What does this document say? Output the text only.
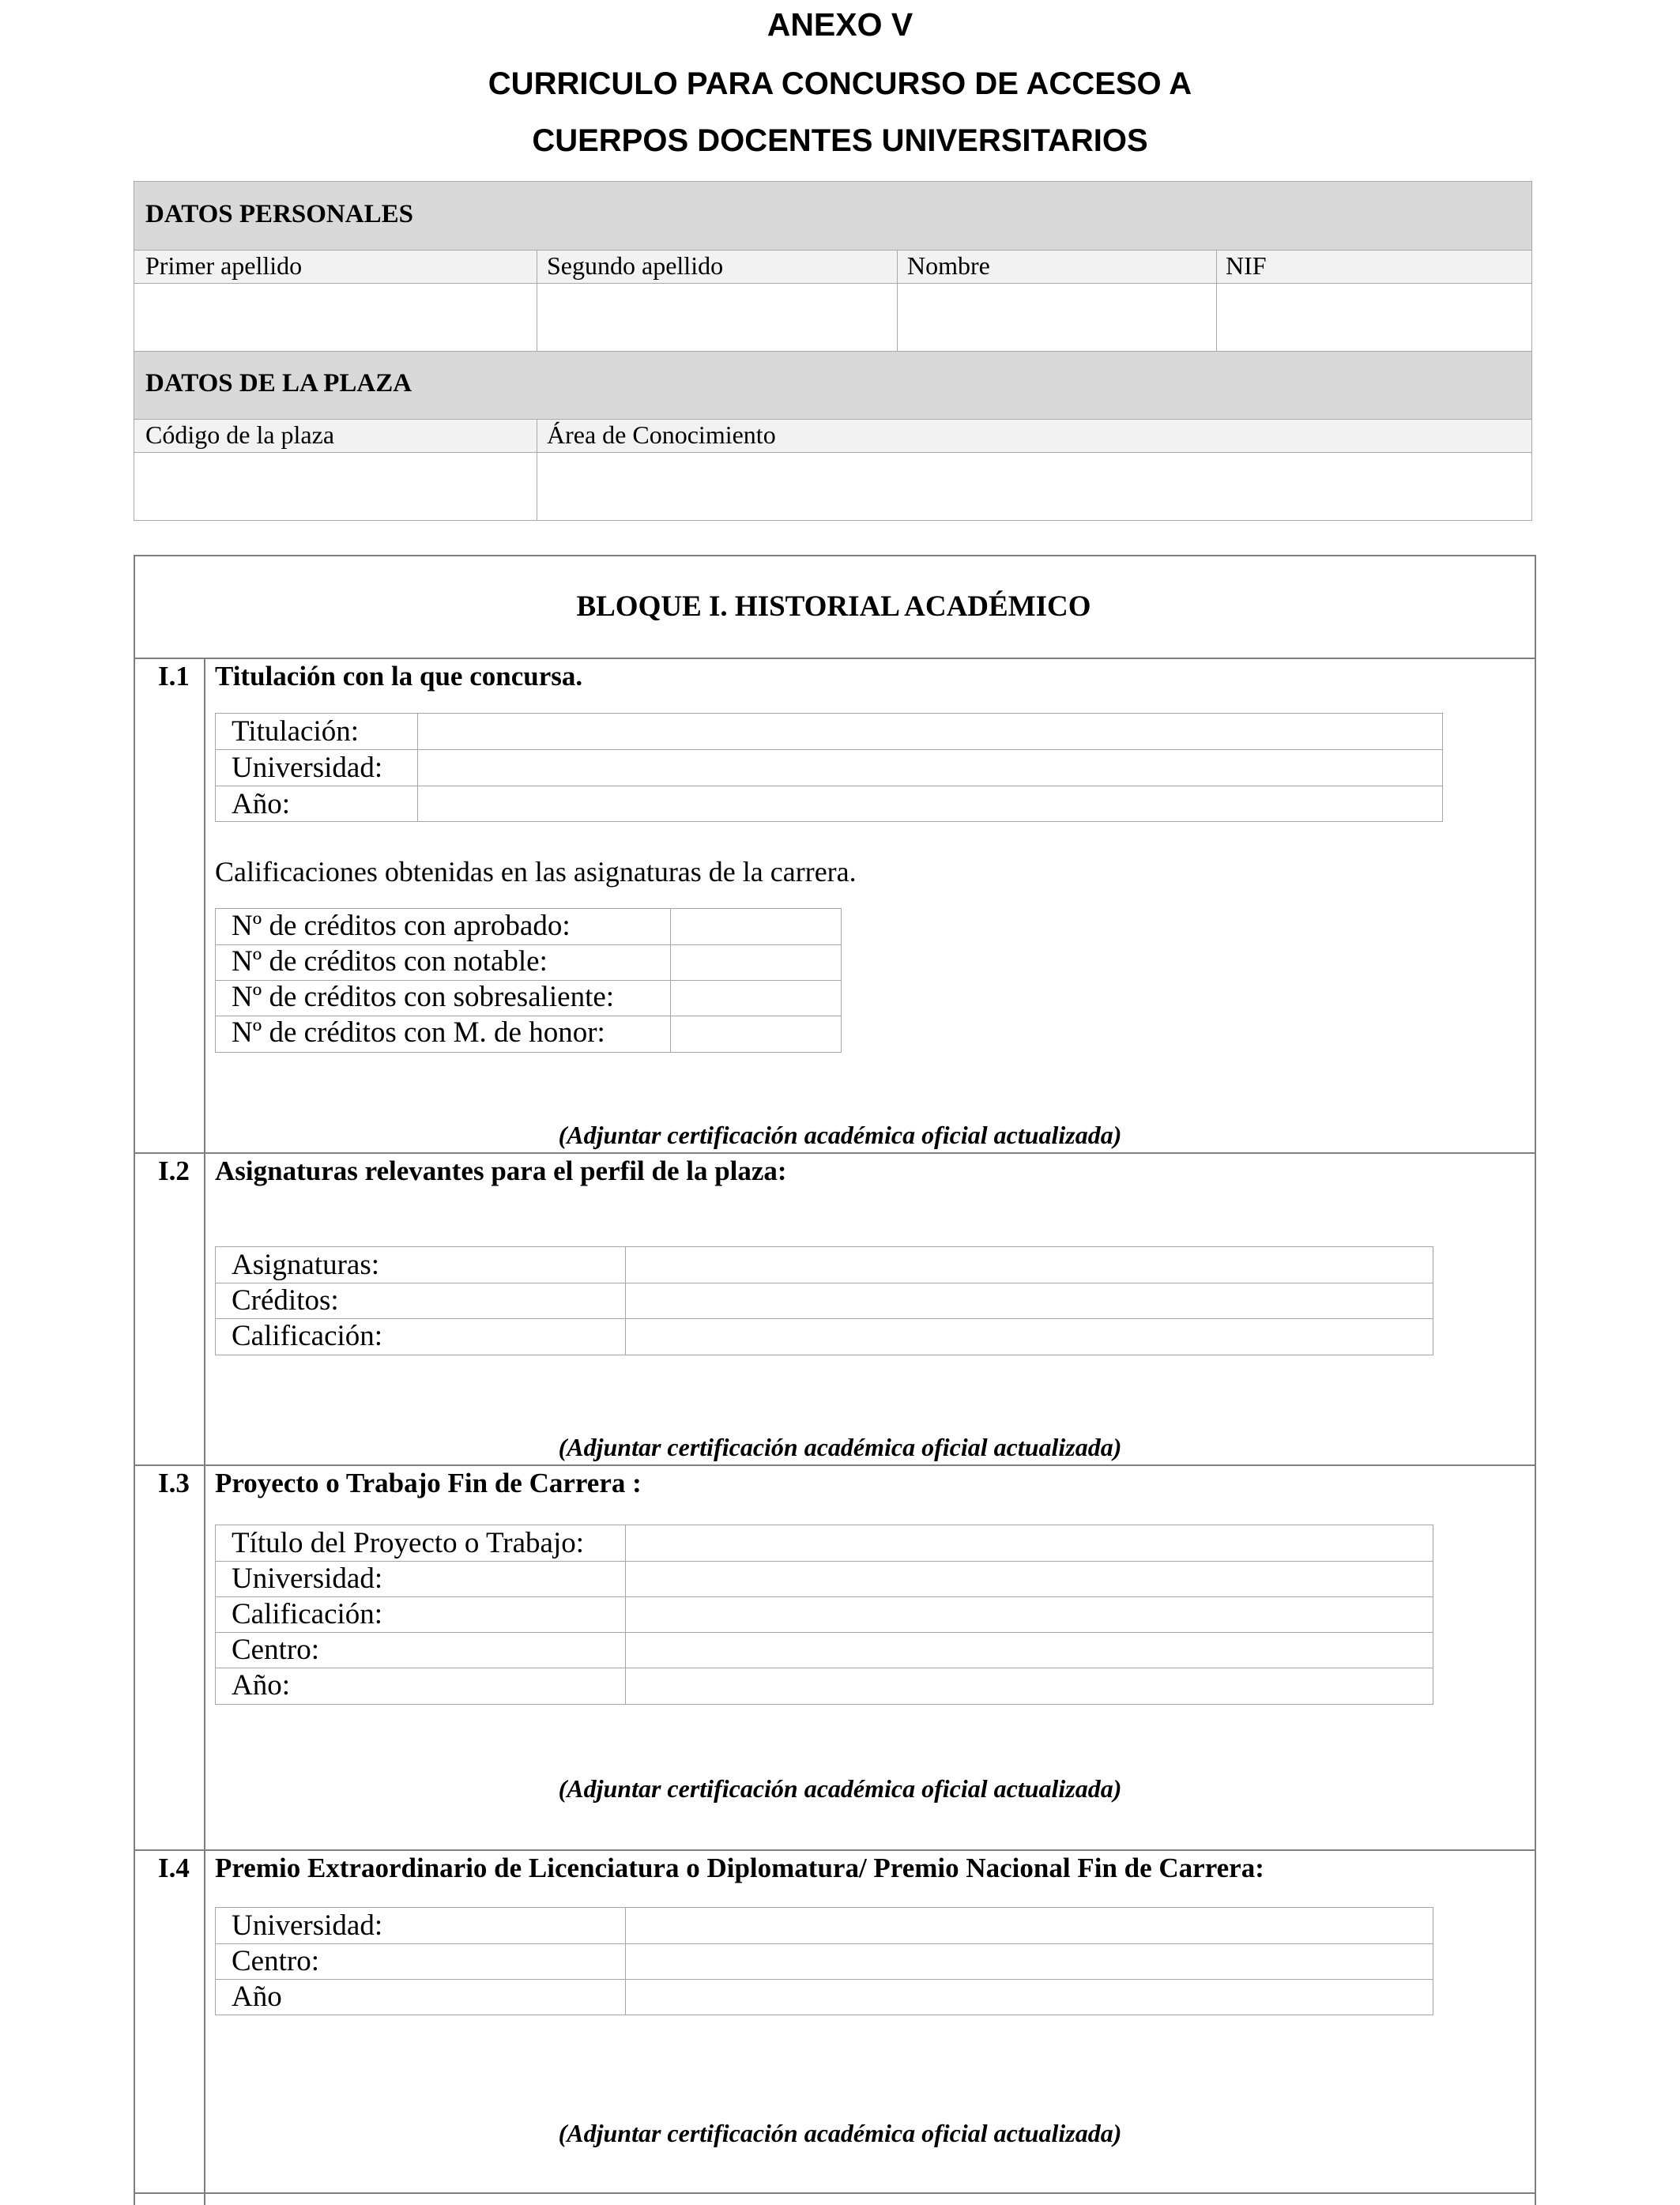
ANEXO V
CURRICULO PARA CONCURSO DE ACCESO A
CUERPOS DOCENTES UNIVERSITARIOS
DATOS PERSONALES
Primer apellido	Segundo apellido	Nombre	NIF
DATOS DE LA PLAZA
Código de la plaza	Área de Conocimiento
BLOQUE I. HISTORIAL ACADÉMICO
I.1 Titulación con la que concursa.
Titulación:
Universidad:
Año:
Calificaciones obtenidas en las asignaturas de la carrera.
Nº de créditos con aprobado:
Nº de créditos con notable:
Nº de créditos con sobresaliente:
Nº de créditos con M. de honor:
(Adjuntar certificación académica oficial actualizada)
I.2 Asignaturas relevantes para el perfil de la plaza:
Asignaturas:
Créditos:
Calificación:
(Adjuntar certificación académica oficial actualizada)
I.3 Proyecto o Trabajo Fin de Carrera :
Título del Proyecto o Trabajo:
Universidad:
Calificación:
Centro:
Año:
(Adjuntar certificación académica oficial actualizada)
I.4 Premio Extraordinario de Licenciatura o Diplomatura/ Premio Nacional Fin de Carrera:
Universidad:
Centro:
Año
(Adjuntar certificación académica oficial actualizada)
